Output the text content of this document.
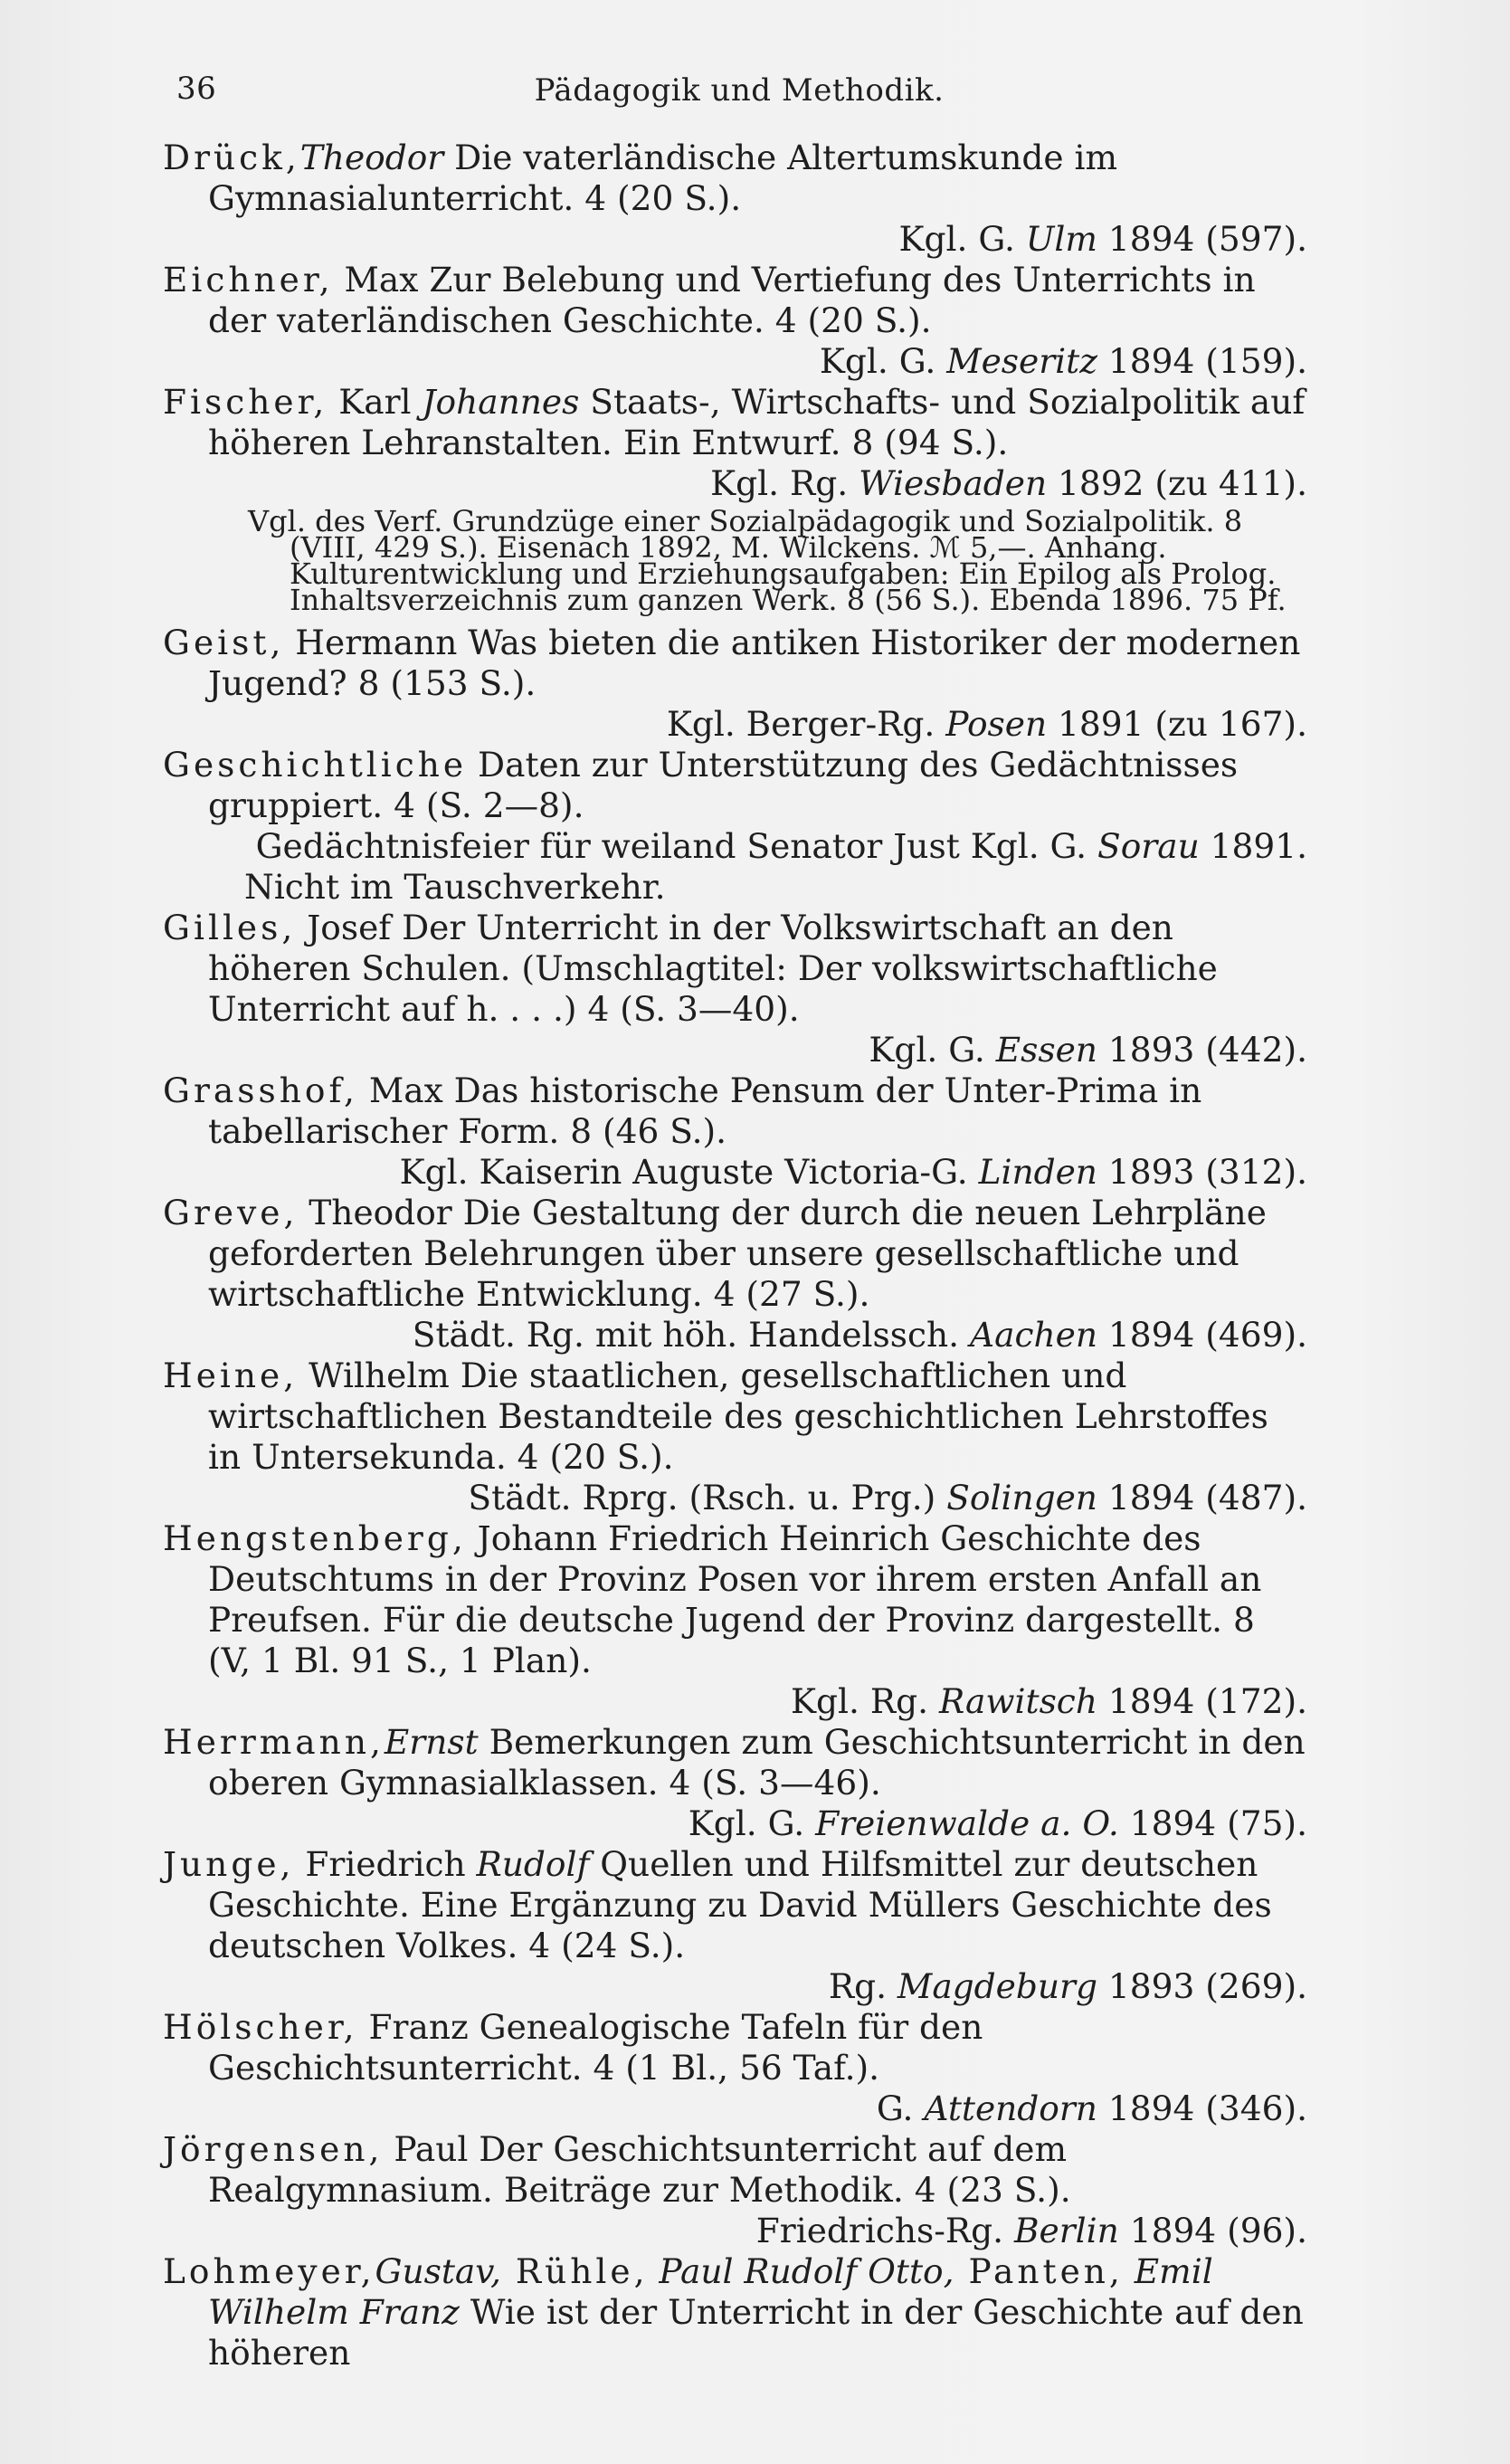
36	Pädagogik und Methodik.
Drück,Theodor Die vaterländische Altertumskunde im Gymnasialunterricht. 4 (20 S.).
Kgl. G. Ulm 1894 (597).
Eichner, Max Zur Belebung und Vertiefung des Unterrichts in der vaterländischen Geschichte. 4 (20 S.).
Kgl. G. Meseritz 1894 (159).
Fischer, Karl Johannes Staats-, Wirtschafts- und Sozialpolitik auf höheren Lehranstalten. Ein Entwurf. 8 (94 S.).
Kgl. Rg. Wiesbaden 1892 (zu 411).
Vgl. des Verf. Grundzüge einer Sozialpädagogik und Sozialpolitik. 8 (VIII, 429 S.). Eisenach 1892, M. Wilckens. ℳ 5,—. Anhang. Kulturentwicklung und Erziehungsaufgaben: Ein Epilog als Prolog. Inhaltsverzeichnis zum ganzen Werk. 8 (56 S.). Ebenda 1896. 75 Pf.
Geist, Hermann Was bieten die antiken Historiker der modernen Jugend? 8 (153 S.).
Kgl. Berger-Rg. Posen 1891 (zu 167).
Geschichtliche Daten zur Unterstützung des Gedächtnisses gruppiert. 4 (S. 2—8).
Gedächtnisfeier für weiland Senator Just Kgl. G. Sorau 1891.
Nicht im Tauschverkehr.
Gilles, Josef Der Unterricht in der Volkswirtschaft an den höheren Schulen. (Umschlagtitel: Der volkswirtschaftliche Unterricht auf h. . . .) 4 (S. 3—40).
Kgl. G. Essen 1893 (442).
Grasshof, Max Das historische Pensum der Unter-Prima in tabellarischer Form. 8 (46 S.).
Kgl. Kaiserin Auguste Victoria-G. Linden 1893 (312).
Greve, Theodor Die Gestaltung der durch die neuen Lehrpläne geforderten Belehrungen über unsere gesellschaftliche und wirtschaftliche Entwicklung. 4 (27 S.).
Städt. Rg. mit höh. Handelssch. Aachen 1894 (469).
Heine, Wilhelm Die staatlichen, gesellschaftlichen und wirtschaftlichen Bestandteile des geschichtlichen Lehrstoffes in Untersekunda. 4 (20 S.).
Städt. Rprg. (Rsch. u. Prg.) Solingen 1894 (487).
Hengstenberg, Johann Friedrich Heinrich Geschichte des Deutschtums in der Provinz Posen vor ihrem ersten Anfall an Preufsen. Für die deutsche Jugend der Provinz dargestellt. 8 (V, 1 Bl. 91 S., 1 Plan).
Kgl. Rg. Rawitsch 1894 (172).
Herrmann,Ernst Bemerkungen zum Geschichtsunterricht in den oberen Gymnasialklassen. 4 (S. 3—46).
Kgl. G. Freienwalde a. O. 1894 (75).
Junge, Friedrich Rudolf Quellen und Hilfsmittel zur deutschen Geschichte. Eine Ergänzung zu David Müllers Geschichte des deutschen Volkes. 4 (24 S.).
Rg. Magdeburg 1893 (269).
Hölscher, Franz Genealogische Tafeln für den Geschichtsunterricht. 4 (1 Bl., 56 Taf.).
G. Attendorn 1894 (346).
Jörgensen, Paul Der Geschichtsunterricht auf dem Realgymnasium. Beiträge zur Methodik. 4 (23 S.).
Friedrichs-Rg. Berlin 1894 (96).
Lohmeyer,Gustav, Rühle, Paul Rudolf Otto, Panten, Emil Wilhelm Franz Wie ist der Unterricht in der Geschichte auf den höheren
